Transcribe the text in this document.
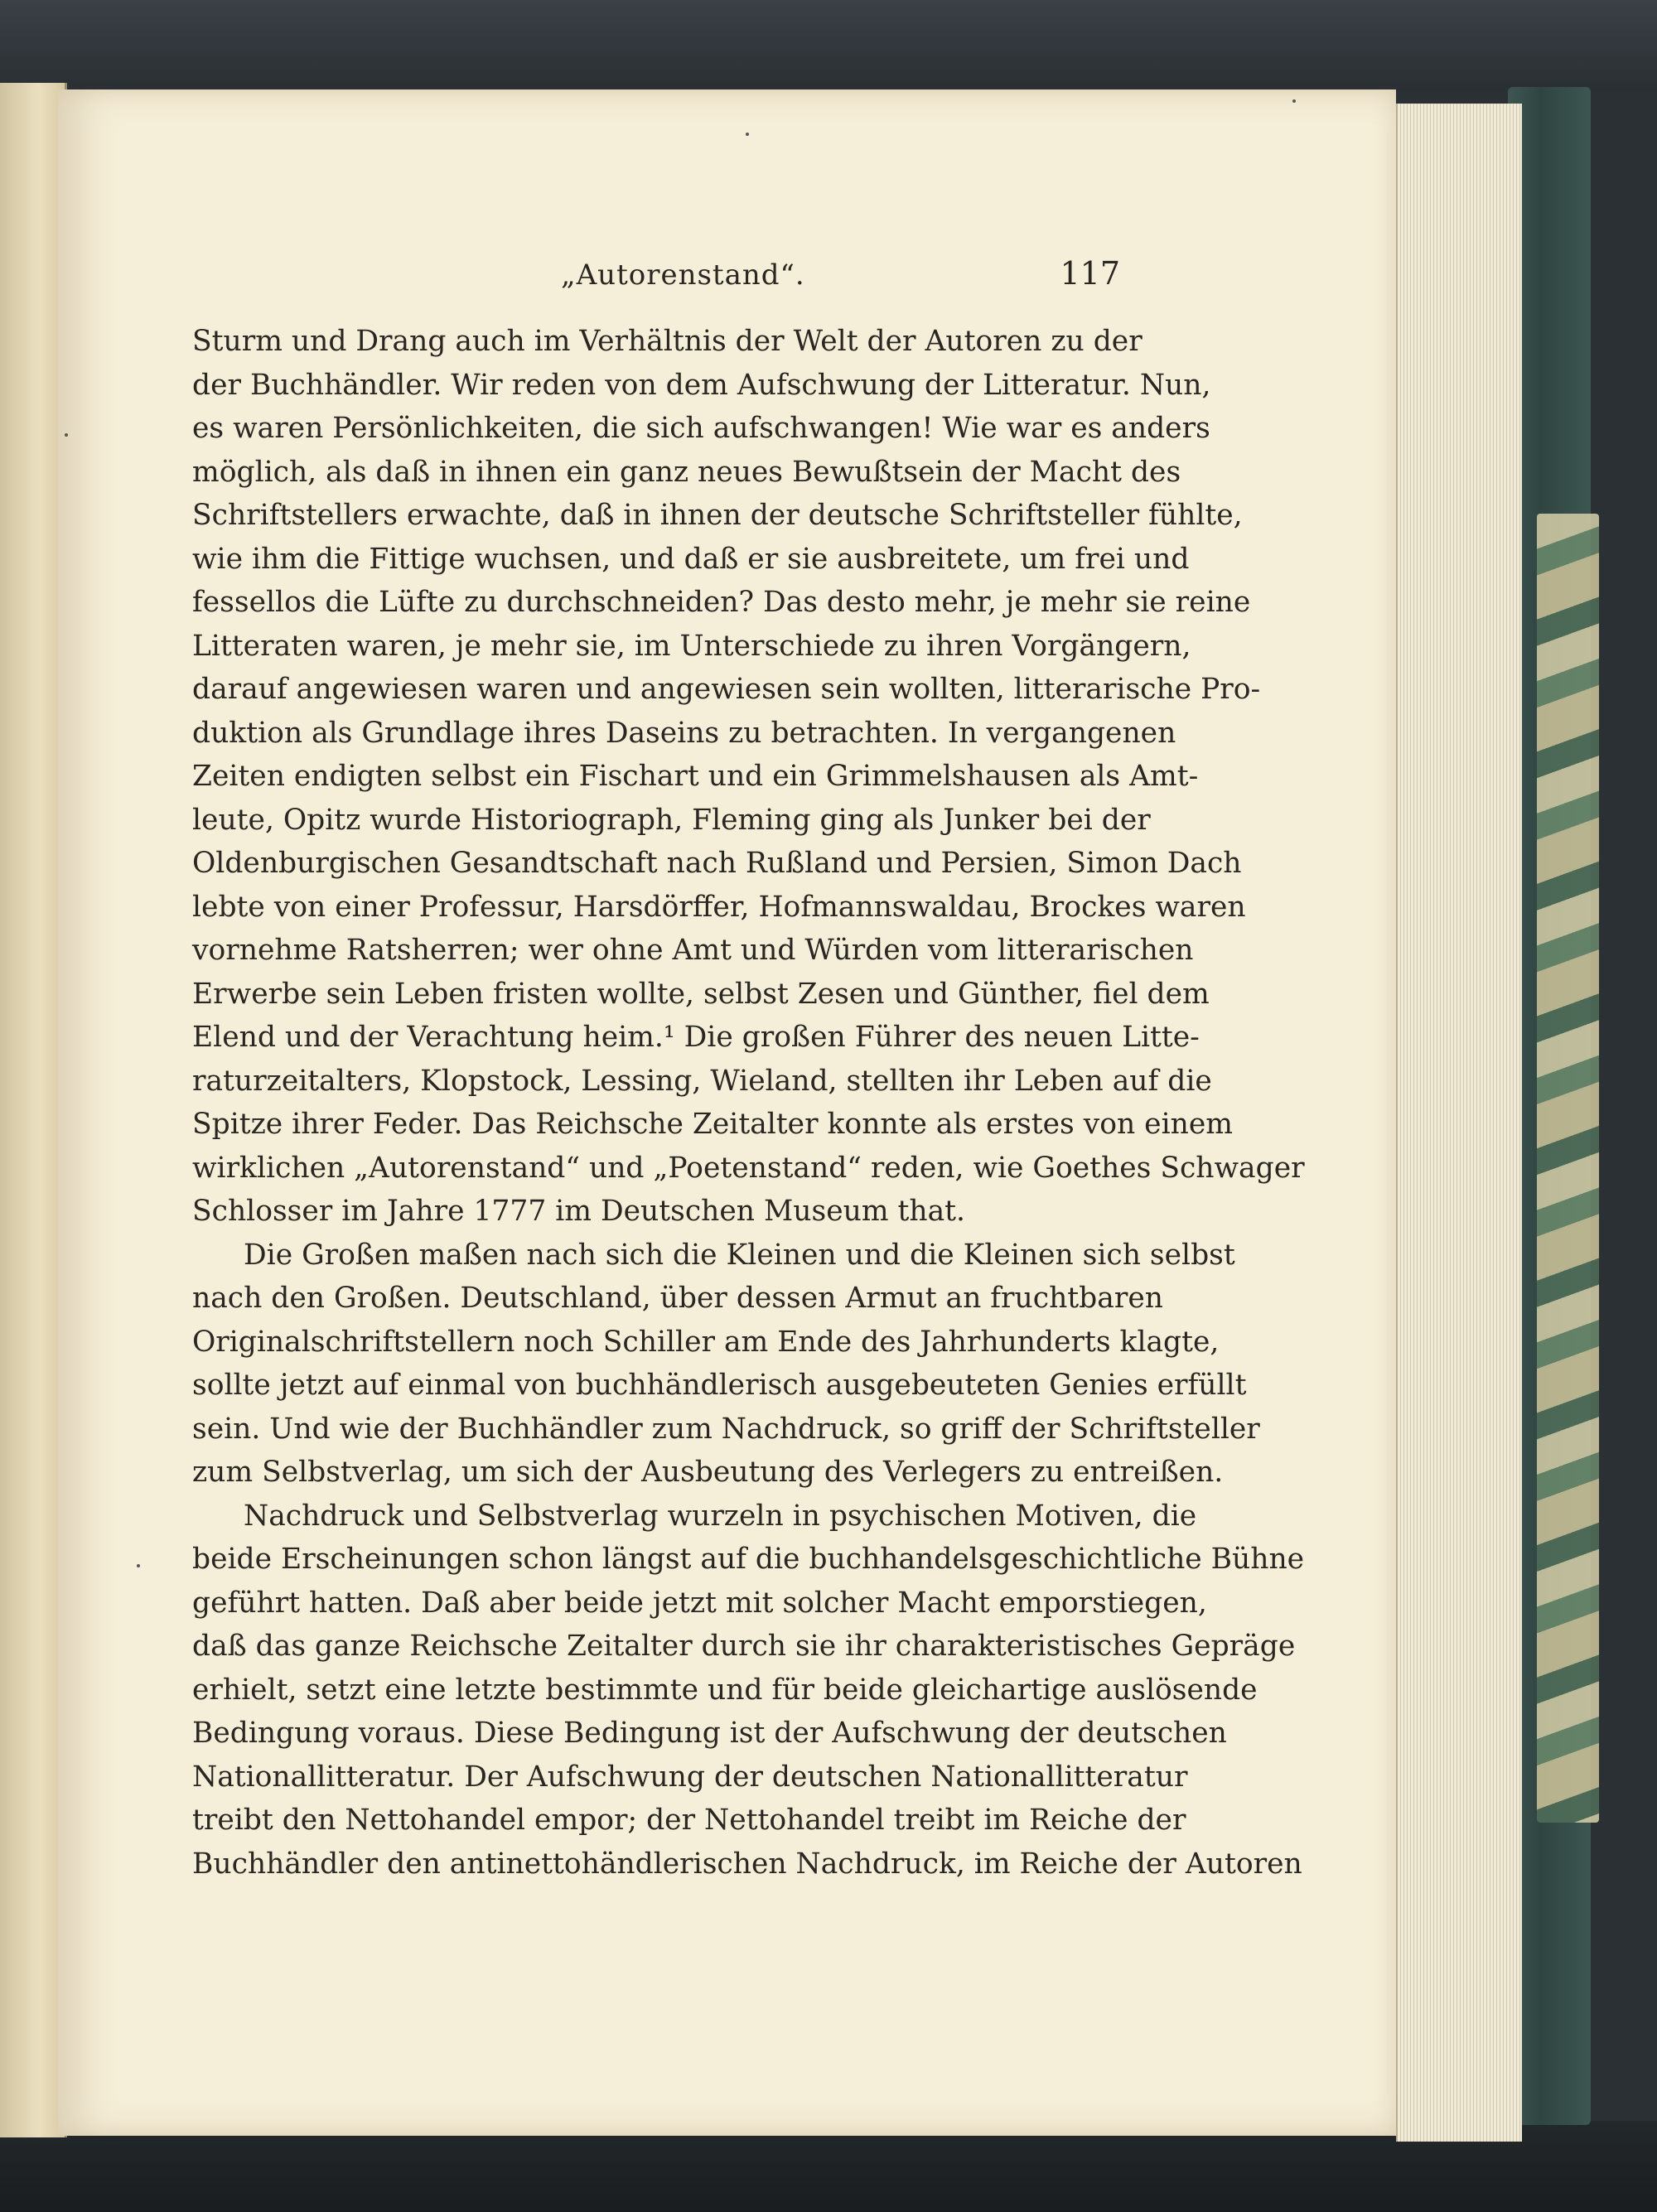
„Autorenstand“.	117
Sturm und Drang auch im Verhältnis der Welt der Autoren zu der
der Buchhändler. Wir reden von dem Aufschwung der Litteratur. Nun,
es waren Persönlichkeiten, die sich aufschwangen! Wie war es anders
möglich, als daß in ihnen ein ganz neues Bewußtsein der Macht des
Schriftstellers erwachte, daß in ihnen der deutsche Schriftsteller fühlte,
wie ihm die Fittige wuchsen, und daß er sie ausbreitete, um frei und
fessellos die Lüfte zu durchschneiden? Das desto mehr, je mehr sie reine
Litteraten waren, je mehr sie, im Unterschiede zu ihren Vorgängern,
darauf angewiesen waren und angewiesen sein wollten, litterarische Pro-
duktion als Grundlage ihres Daseins zu betrachten. In vergangenen
Zeiten endigten selbst ein Fischart und ein Grimmelshausen als Amt-
leute, Opitz wurde Historiograph, Fleming ging als Junker bei der
Oldenburgischen Gesandtschaft nach Rußland und Persien, Simon Dach
lebte von einer Professur, Harsdörffer, Hofmannswaldau, Brockes waren
vornehme Ratsherren; wer ohne Amt und Würden vom litterarischen
Erwerbe sein Leben fristen wollte, selbst Zesen und Günther, fiel dem
Elend und der Verachtung heim.¹ Die großen Führer des neuen Litte-
raturzeitalters, Klopstock, Lessing, Wieland, stellten ihr Leben auf die
Spitze ihrer Feder. Das Reichsche Zeitalter konnte als erstes von einem
wirklichen „Autorenstand“ und „Poetenstand“ reden, wie Goethes Schwager
Schlosser im Jahre 1777 im Deutschen Museum that.
Die Großen maßen nach sich die Kleinen und die Kleinen sich selbst
nach den Großen. Deutschland, über dessen Armut an fruchtbaren
Originalschriftstellern noch Schiller am Ende des Jahrhunderts klagte,
sollte jetzt auf einmal von buchhändlerisch ausgebeuteten Genies erfüllt
sein. Und wie der Buchhändler zum Nachdruck, so griff der Schriftsteller
zum Selbstverlag, um sich der Ausbeutung des Verlegers zu entreißen.
Nachdruck und Selbstverlag wurzeln in psychischen Motiven, die
beide Erscheinungen schon längst auf die buchhandelsgeschichtliche Bühne
geführt hatten. Daß aber beide jetzt mit solcher Macht emporstiegen,
daß das ganze Reichsche Zeitalter durch sie ihr charakteristisches Gepräge
erhielt, setzt eine letzte bestimmte und für beide gleichartige auslösende
Bedingung voraus. Diese Bedingung ist der Aufschwung der deutschen
Nationallitteratur. Der Aufschwung der deutschen Nationallitteratur
treibt den Nettohandel empor; der Nettohandel treibt im Reiche der
Buchhändler den antinettohändlerischen Nachdruck, im Reiche der Autoren
